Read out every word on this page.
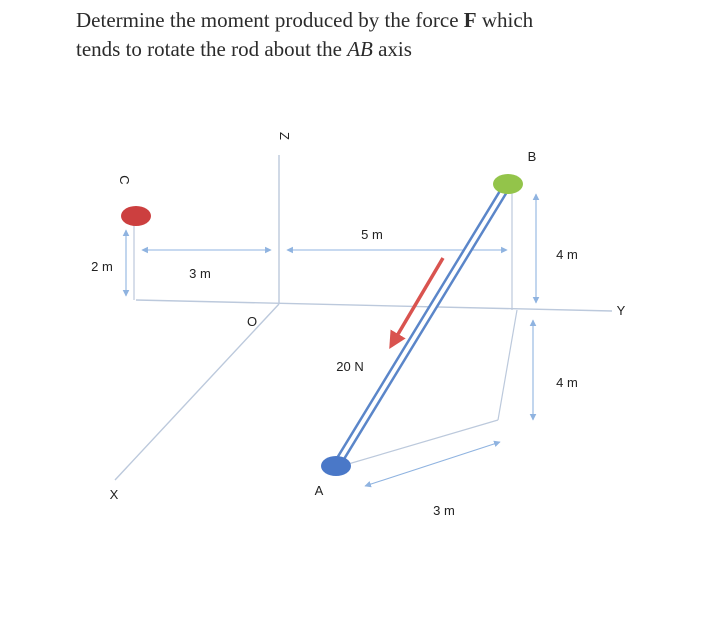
Determine the moment produced by the force F which
tends to rotate the rod about the AB axis
Z
Y
X
O
A
B
C
2 m	3 m
5 m
4 m
4 m
3 m
20 N
